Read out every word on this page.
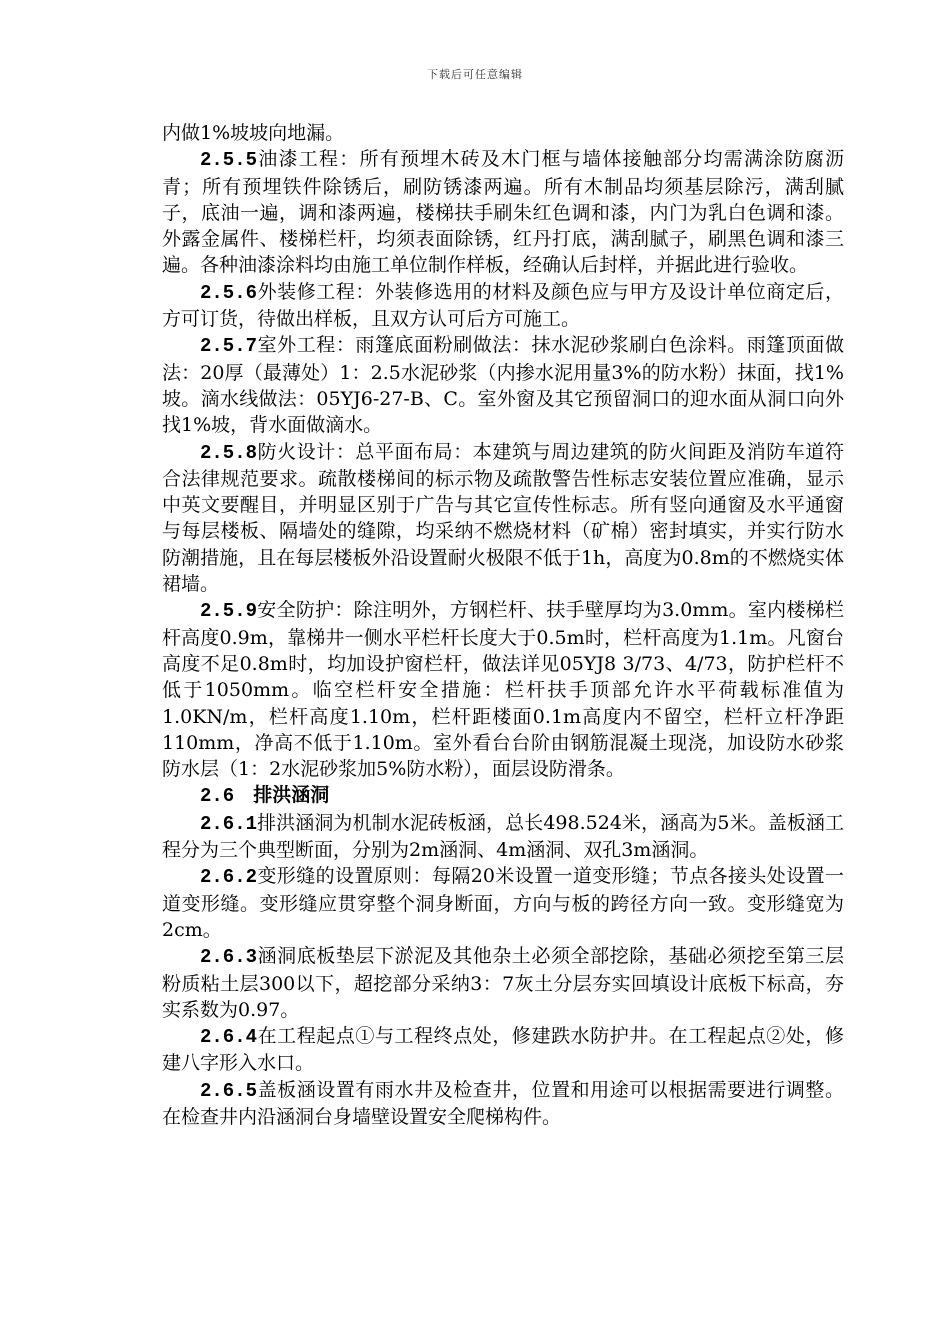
下载后可任意编辑

内做1%坡坡向地漏。

2.5.5油漆工程：所有预埋木砖及木门框与墙体接触部分均需满涂防腐沥青；所有预埋铁件除锈后，刷防锈漆两遍。所有木制品均须基层除污，满刮腻子，底油一遍，调和漆两遍，楼梯扶手刷朱红色调和漆，内门为乳白色调和漆。外露金属件、楼梯栏杆，均须表面除锈，红丹打底，满刮腻子，刷黑色调和漆三遍。各种油漆涂料均由施工单位制作样板，经确认后封样，并据此进行验收。

2.5.6外装修工程：外装修选用的材料及颜色应与甲方及设计单位商定后，方可订货，待做出样板，且双方认可后方可施工。

2.5.7室外工程：雨篷底面粉刷做法：抹水泥砂浆刷白色涂料。雨篷顶面做法：20厚（最薄处）1：2.5水泥砂浆（内掺水泥用量3%的防水粉）抹面，找1%坡。滴水线做法：05YJ6-27-B、C。室外窗及其它预留洞口的迎水面从洞口向外找1%坡，背水面做滴水。

2.5.8防火设计：总平面布局：本建筑与周边建筑的防火间距及消防车道符合法律规范要求。疏散楼梯间的标示物及疏散警告性标志安装位置应准确，显示中英文要醒目，并明显区别于广告与其它宣传性标志。所有竖向通窗及水平通窗与每层楼板、隔墙处的缝隙，均采纳不燃烧材料（矿棉）密封填实，并实行防水防潮措施，且在每层楼板外沿设置耐火极限不低于1h，高度为0.8m的不燃烧实体裙墙。

2.5.9安全防护：除注明外，方钢栏杆、扶手壁厚均为3.0mm。室内楼梯栏杆高度0.9m，靠梯井一侧水平栏杆长度大于0.5m时，栏杆高度为1.1m。凡窗台高度不足0.8m时，均加设护窗栏杆，做法详见05YJ8 3/73、4/73，防护栏杆不低于1050mm。临空栏杆安全措施：栏杆扶手顶部允许水平荷载标准值为1.0KN/m，栏杆高度1.10m，栏杆距楼面0.1m高度内不留空，栏杆立杆净距110mm，净高不低于1.10m。室外看台台阶由钢筋混凝土现浇，加设防水砂浆防水层（1：2水泥砂浆加5%防水粉），面层设防滑条。

2.6　排洪涵洞

2.6.1排洪涵洞为机制水泥砖板涵，总长498.524米，涵高为5米。盖板涵工程分为三个典型断面，分别为2m涵洞、4m涵洞、双孔3m涵洞。

2.6.2变形缝的设置原则：每隔20米设置一道变形缝；节点各接头处设置一道变形缝。变形缝应贯穿整个洞身断面，方向与板的跨径方向一致。变形缝宽为2cm。

2.6.3涵洞底板垫层下淤泥及其他杂土必须全部挖除，基础必须挖至第三层粉质粘土层300以下，超挖部分采纳3：7灰土分层夯实回填设计底板下标高，夯实系数为0.97。

2.6.4在工程起点①与工程终点处，修建跌水防护井。在工程起点②处，修建八字形入水口。

2.6.5盖板涵设置有雨水井及检查井，位置和用途可以根据需要进行调整。在检查井内沿涵洞台身墙壁设置安全爬梯构件。
